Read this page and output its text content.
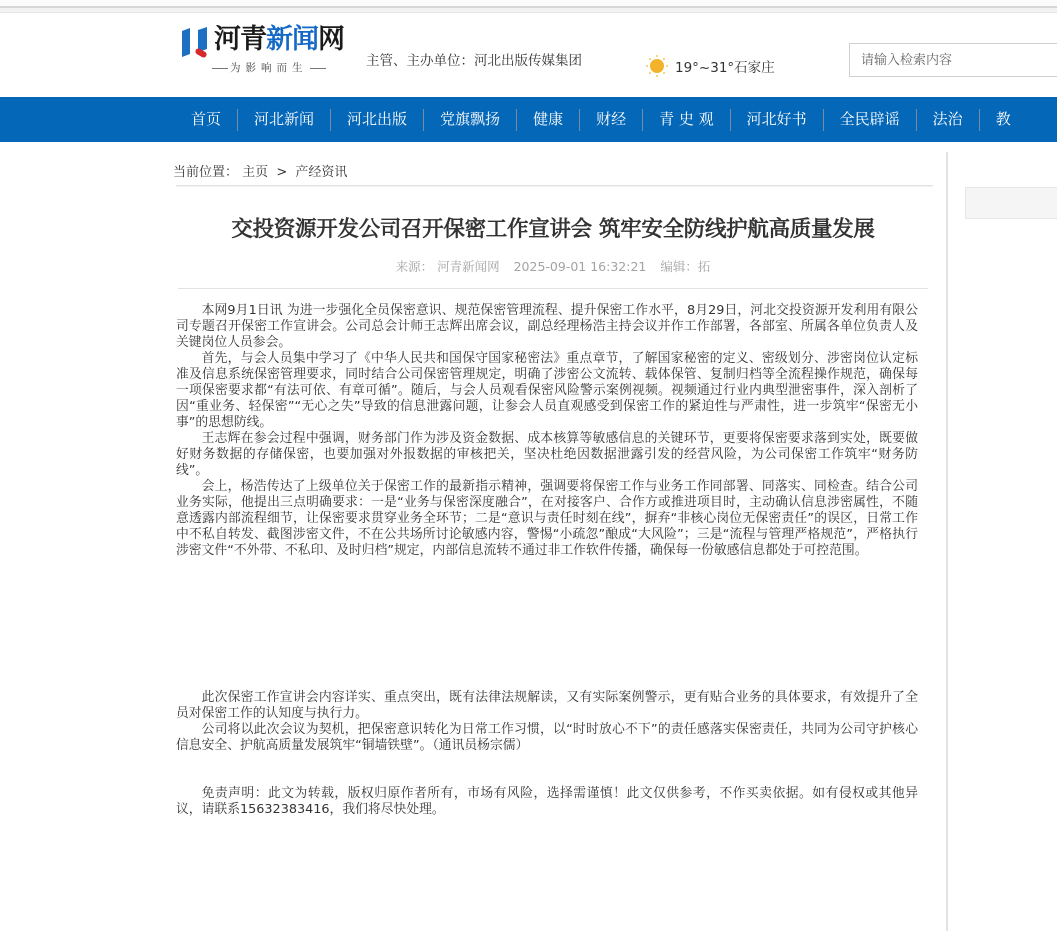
河青新闻网
为影响而生	主管、主办单位：河北出版传媒集团	19°~31°石家庄
请输入检索内容
首页	河北新闻	河北出版	党旗飘扬	健康	财经	青 史 观	河北好书	全民辟谣	法治	教
当前位置： 主页 > 产经资讯
交投资源开发公司召开保密工作宣讲会 筑牢安全防线护航高质量发展
来源： 河青新闻网 2025-09-01 16:32:21 编辑：拓

本网9月1日讯 为进一步强化全员保密意识、规范保密管理流程、提升保密工作水平，8月29日，河北交投资源开发利用有限公司专题召开保密工作宣讲会。公司总会计师王志辉出席会议，副总经理杨浩主持会议并作工作部署，各部室、所属各单位负责人及关键岗位人员参会。

首先，与会人员集中学习了《中华人民共和国保守国家秘密法》重点章节，了解国家秘密的定义、密级划分、涉密岗位认定标准及信息系统保密管理要求，同时结合公司保密管理规定，明确了涉密公文流转、载体保管、复制归档等全流程操作规范，确保每一项保密要求都“有法可依、有章可循”。随后，与会人员观看保密风险警示案例视频。视频通过行业内典型泄密事件，深入剖析了因“重业务、轻保密”“无心之失”导致的信息泄露问题，让参会人员直观感受到保密工作的紧迫性与严肃性，进一步筑牢“保密无小事”的思想防线。

王志辉在参会过程中强调，财务部门作为涉及资金数据、成本核算等敏感信息的关键环节，更要将保密要求落到实处，既要做好财务数据的存储保密，也要加强对外报数据的审核把关，坚决杜绝因数据泄露引发的经营风险，为公司保密工作筑牢“财务防线”。

会上，杨浩传达了上级单位关于保密工作的最新指示精神，强调要将保密工作与业务工作同部署、同落实、同检查。结合公司业务实际，他提出三点明确要求：一是“业务与保密深度融合”，在对接客户、合作方或推进项目时，主动确认信息涉密属性，不随意透露内部流程细节，让保密要求贯穿业务全环节；二是“意识与责任时刻在线”，摒弃“非核心岗位无保密责任”的误区，日常工作中不私自转发、截图涉密文件，不在公共场所讨论敏感内容，警惕“小疏忽”酿成“大风险”；三是“流程与管理严格规范”，严格执行涉密文件“不外带、不私印、及时归档”规定，内部信息流转不通过非工作软件传播，确保每一份敏感信息都处于可控范围。

此次保密工作宣讲会内容详实、重点突出，既有法律法规解读，又有实际案例警示，更有贴合业务的具体要求，有效提升了全员对保密工作的认知度与执行力。

公司将以此次会议为契机，把保密意识转化为日常工作习惯，以“时时放心不下”的责任感落实保密责任，共同为公司守护核心信息安全、护航高质量发展筑牢“铜墙铁壁”。（通讯员杨宗儒）

免责声明：此文为转载，版权归原作者所有，市场有风险，选择需谨慎！此文仅供参考，不作买卖依据。如有侵权或其他异议，请联系15632383416，我们将尽快处理。
